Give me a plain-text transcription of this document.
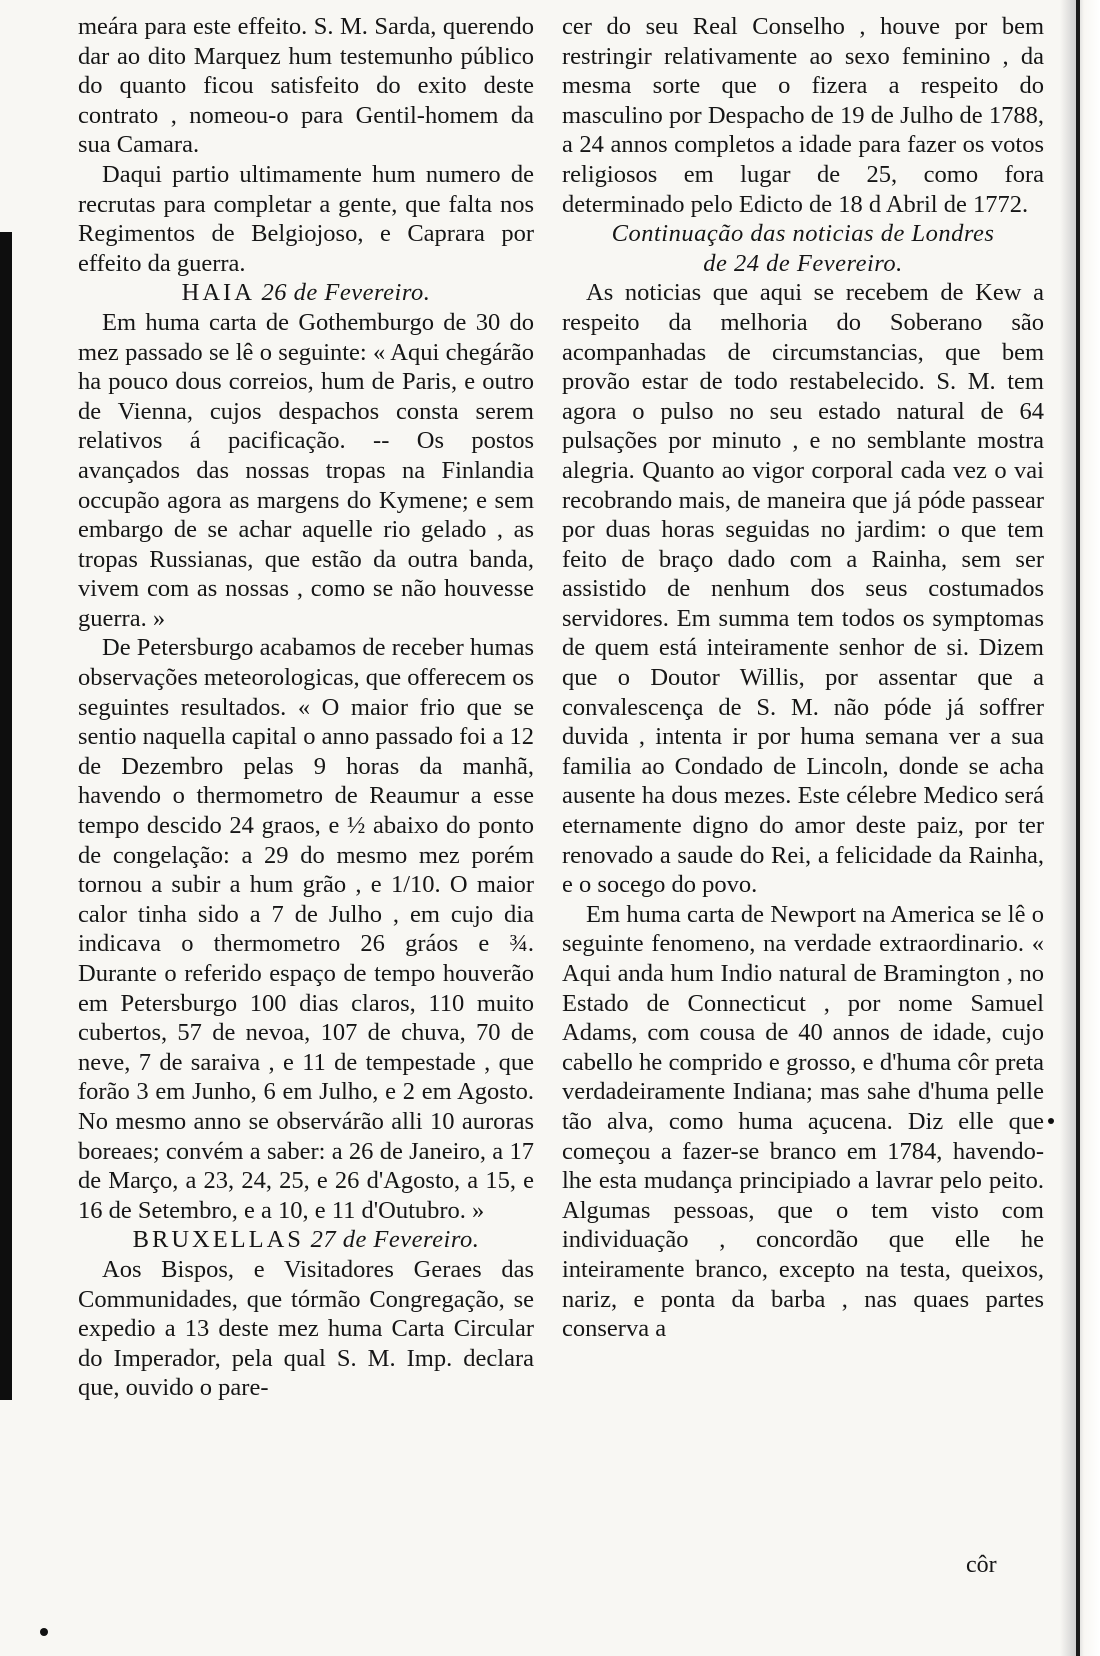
meára para este effeito. S. M. Sarda, querendo dar ao dito Marquez hum testemunho público do quanto ficou satisfeito do exito deste contrato , nomeou-o para Gentil-homem da sua Camara.

Daqui partio ultimamente hum numero de recrutas para completar a gente, que falta nos Regimentos de Belgiojoso, e Caprara por effeito da guerra.

HAIA 26 de Fevereiro.

Em huma carta de Gothemburgo de 30 do mez passado se lê o seguinte: « Aqui chegárão ha pouco dous correios, hum de Paris, e outro de Vienna, cujos despachos consta serem relativos á pacificação. -- Os postos avançados das nossas tropas na Finlandia occupão agora as margens do Kymene; e sem embargo de se achar aquelle rio gelado , as tropas Russianas, que estão da outra banda, vivem com as nossas , como se não houvesse guerra. »

De Petersburgo acabamos de receber humas observações meteorologicas, que offerecem os seguintes resultados. « O maior frio que se sentio naquella capital o anno passado foi a 12 de Dezembro pelas 9 horas da manhã, havendo o thermometro de Reaumur a esse tempo descido 24 graos, e ½ abaixo do ponto de congelação: a 29 do mesmo mez porém tornou a subir a hum grão , e 1/10. O maior calor tinha sido a 7 de Julho , em cujo dia indicava o thermometro 26 gráos e ¾. Durante o referido espaço de tempo houverão em Petersburgo 100 dias claros, 110 muito cubertos, 57 de nevoa, 107 de chuva, 70 de neve, 7 de saraiva , e 11 de tempestade , que forão 3 em Junho, 6 em Julho, e 2 em Agosto. No mesmo anno se observárão alli 10 auroras boreaes; convém a saber: a 26 de Janeiro, a 17 de Março, a 23, 24, 25, e 26 d'Agosto, a 15, e 16 de Setembro, e a 10, e 11 d'Outubro. »

BRUXELLAS 27 de Fevereiro.

Aos Bispos, e Visitadores Geraes das Communidades, que tórmão Congregação, se expedio a 13 deste mez huma Carta Circular do Imperador, pela qual S. M. Imp. declara que, ouvido o pare-

cer do seu Real Conselho , houve por bem restringir relativamente ao sexo feminino , da mesma sorte que o fizera a respeito do masculino por Despacho de 19 de Julho de 1788, a 24 annos completos a idade para fazer os votos religiosos em lugar de 25, como fora determinado pelo Edicto de 18 d Abril de 1772.

Continuação das noticias de Londres

de 24 de Fevereiro.

As noticias que aqui se recebem de Kew a respeito da melhoria do Soberano são acompanhadas de circumstancias, que bem provão estar de todo restabelecido. S. M. tem agora o pulso no seu estado natural de 64 pulsações por minuto , e no semblante mostra alegria. Quanto ao vigor corporal cada vez o vai recobrando mais, de maneira que já póde passear por duas horas seguidas no jardim: o que tem feito de braço dado com a Rainha, sem ser assistido de nenhum dos seus costumados servidores. Em summa tem todos os symptomas de quem está inteiramente senhor de si. Dizem que o Doutor Willis, por assentar que a convalescença de S. M. não póde já soffrer duvida , intenta ir por huma semana ver a sua familia ao Condado de Lincoln, donde se acha ausente ha dous mezes. Este célebre Medico será eternamente digno do amor deste paiz, por ter renovado a saude do Rei, a felicidade da Rainha, e o socego do povo.

Em huma carta de Newport na America se lê o seguinte fenomeno, na verdade extraordinario. « Aqui anda hum Indio natural de Bramington , no Estado de Connecticut , por nome Samuel Adams, com cousa de 40 annos de idade, cujo cabello he comprido e grosso, e d'huma côr preta verdadeiramente Indiana; mas sahe d'huma pelle tão alva, como huma açucena. Diz elle que começou a fazer-se branco em 1784, havendo-lhe esta mudança principiado a lavrar pelo peito. Algumas pessoas, que o tem visto com individuação , concordão que elle he inteiramente branco, excepto na testa, queixos, nariz, e ponta da barba , nas quaes partes conserva a

côr
